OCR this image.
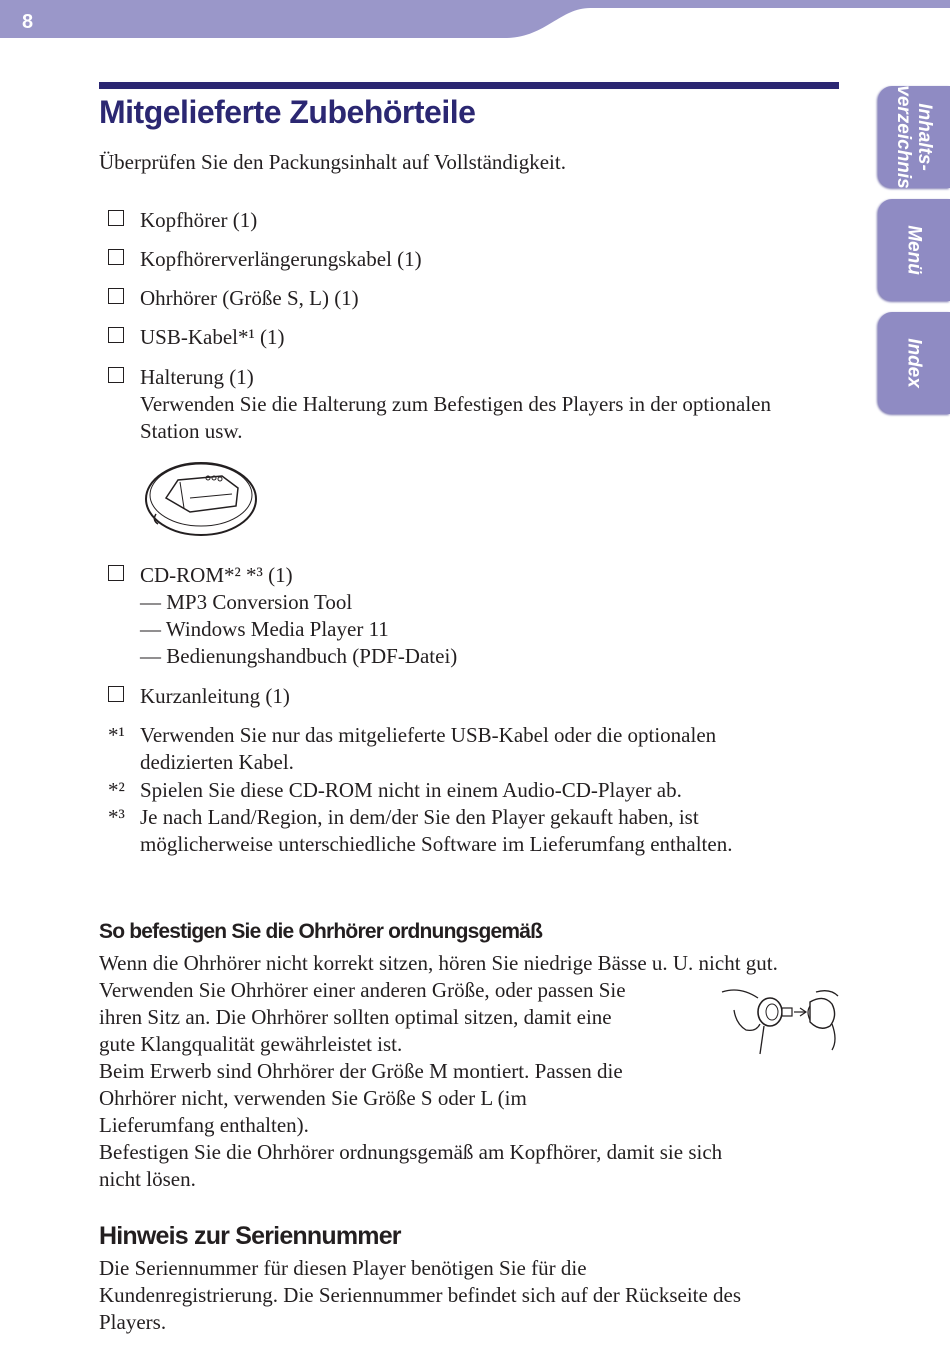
8
Inhalts-
verzeichnis
Menü
Index
Mitgelieferte Zubehörteile

Überprüfen Sie den Packungsinhalt auf Vollständigkeit.

Kopfhörer (1)
Kopfhörerverlängerungskabel (1)
Ohrhörer (Größe S, L) (1)
USB-Kabel*¹ (1)
Halterung (1)
Verwenden Sie die Halterung zum Befestigen des Players in der optionalen
Station usw.
CD-ROM*² *³ (1)
— MP3 Conversion Tool
— Windows Media Player 11
— Bedienungshandbuch (PDF-Datei)
Kurzanleitung (1)
*¹ Verwenden Sie nur das mitgelieferte USB-Kabel oder die optionalen
dedizierten Kabel.
*² Spielen Sie diese CD-ROM nicht in einem Audio-CD-Player ab.
*³ Je nach Land/Region, in dem/der Sie den Player gekauft haben, ist
möglicherweise unterschiedliche Software im Lieferumfang enthalten.
So befestigen Sie die Ohrhörer ordnungsgemäß
Wenn die Ohrhörer nicht korrekt sitzen, hören Sie niedrige Bässe u. U. nicht gut.
Verwenden Sie Ohrhörer einer anderen Größe, oder passen Sie
ihren Sitz an. Die Ohrhörer sollten optimal sitzen, damit eine
gute Klangqualität gewährleistet ist.
Beim Erwerb sind Ohrhörer der Größe M montiert. Passen die
Ohrhörer nicht, verwenden Sie Größe S oder L (im
Lieferumfang enthalten).
Befestigen Sie die Ohrhörer ordnungsgemäß am Kopfhörer, damit sie sich
nicht lösen.
Hinweis zur Seriennummer
Die Seriennummer für diesen Player benötigen Sie für die
Kundenregistrierung. Die Seriennummer befindet sich auf der Rückseite des
Players.
